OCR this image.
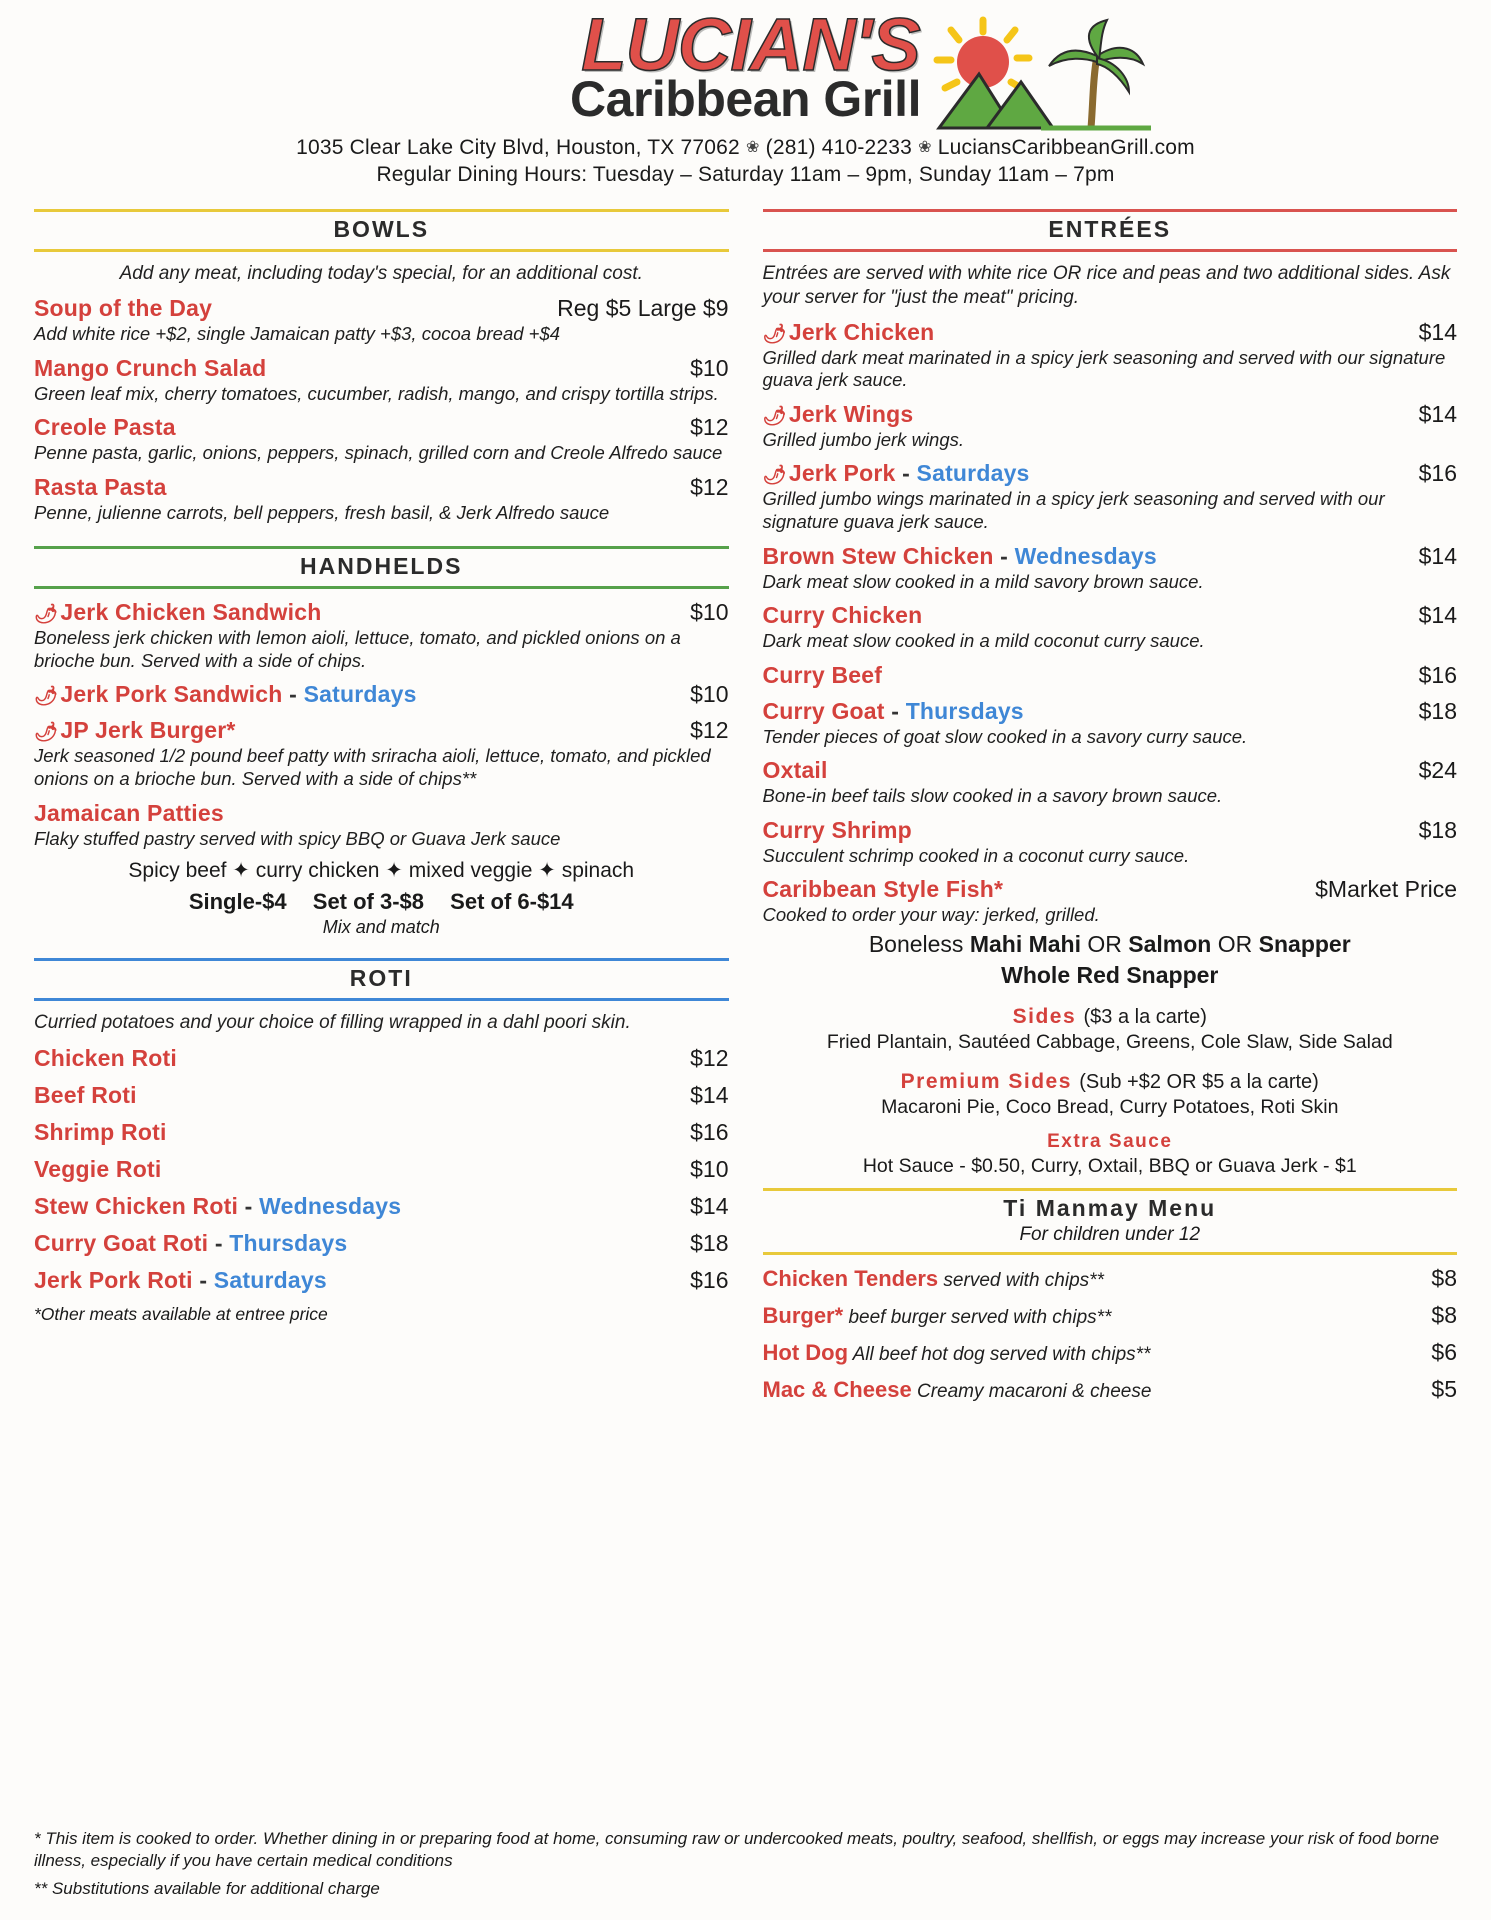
LUCIAN'S
Caribbean Grill
1035 Clear Lake City Blvd, Houston, TX 77062 ❀ (281) 410-2233 ❀ LuciansCaribbeanGrill.com
Regular Dining Hours: Tuesday – Saturday 11am – 9pm, Sunday 11am – 7pm
BOWLS
Add any meat, including today's special, for an additional cost.
Soup of the Day	Reg $5 Large $9
Add white rice +$2, single Jamaican patty +$3, cocoa bread +$4
Mango Crunch Salad	$10
Green leaf mix, cherry tomatoes, cucumber, radish, mango, and crispy tortilla strips.
Creole Pasta	$12
Penne pasta, garlic, onions, peppers, spinach, grilled corn and Creole Alfredo sauce
Rasta Pasta	$12
Penne, julienne carrots, bell peppers, fresh basil, & Jerk Alfredo sauce
HANDHELDS
🌶Jerk Chicken Sandwich	$10
Boneless jerk chicken with lemon aioli, lettuce, tomato, and pickled onions on a brioche bun. Served with a side of chips.
🌶Jerk Pork Sandwich - Saturdays	$10
🌶JP Jerk Burger*	$12
Jerk seasoned 1/2 pound beef patty with sriracha aioli, lettuce, tomato, and pickled onions on a brioche bun. Served with a side of chips**
Jamaican Patties
Flaky stuffed pastry served with spicy BBQ or Guava Jerk sauce
Spicy beef ✦ curry chicken ✦ mixed veggie ✦ spinach
Single-$4 Set of 3-$8 Set of 6-$14
Mix and match
ROTI
Curried potatoes and your choice of filling wrapped in a dahl poori skin.
Chicken Roti	$12
Beef Roti	$14
Shrimp Roti	$16
Veggie Roti	$10
Stew Chicken Roti - Wednesdays	$14
Curry Goat Roti - Thursdays	$18
Jerk Pork Roti - Saturdays	$16
*Other meats available at entree price
ENTRÉES
Entrées are served with white rice OR rice and peas and two additional sides. Ask your server for "just the meat" pricing.
🌶Jerk Chicken	$14
Grilled dark meat marinated in a spicy jerk seasoning and served with our signature guava jerk sauce.
🌶Jerk Wings	$14
Grilled jumbo jerk wings.
🌶Jerk Pork - Saturdays	$16
Grilled jumbo wings marinated in a spicy jerk seasoning and served with our signature guava jerk sauce.
Brown Stew Chicken - Wednesdays	$14
Dark meat slow cooked in a mild savory brown sauce.
Curry Chicken	$14
Dark meat slow cooked in a mild coconut curry sauce.
Curry Beef	$16
Curry Goat - Thursdays	$18
Tender pieces of goat slow cooked in a savory curry sauce.
Oxtail	$24
Bone-in beef tails slow cooked in a savory brown sauce.
Curry Shrimp	$18
Succulent schrimp cooked in a coconut curry sauce.
Caribbean Style Fish*	$Market Price
Cooked to order your way: jerked, grilled.
Boneless Mahi Mahi OR Salmon OR Snapper
Whole Red Snapper
Sides ($3 a la carte)
Fried Plantain, Sautéed Cabbage, Greens, Cole Slaw, Side Salad
Premium Sides (Sub +$2 OR $5 a la carte)
Macaroni Pie, Coco Bread, Curry Potatoes, Roti Skin
Extra Sauce
Hot Sauce - $0.50, Curry, Oxtail, BBQ or Guava Jerk - $1
Ti Manmay Menu
For children under 12
Chicken Tenders served with chips**	$8
Burger* beef burger served with chips**	$8
Hot Dog All beef hot dog served with chips**	$6
Mac & Cheese Creamy macaroni & cheese	$5

* This item is cooked to order. Whether dining in or preparing food at home, consuming raw or undercooked meats, poultry, seafood, shellfish, or eggs may increase your risk of food borne illness, especially if you have certain medical conditions

** Substitutions available for additional charge
